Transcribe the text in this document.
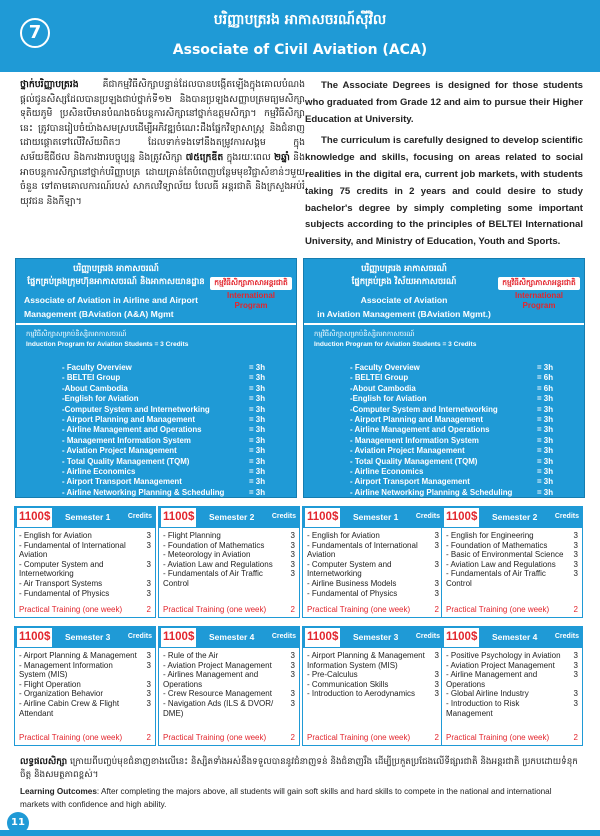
7
បរិញ្ញាបត្ររង អាកាសចរណ៍ស៊ីវិល
Associate of Civil Aviation (ACA)
ថ្នាក់បរិញ្ញាបត្ររង គឺជាកម្មវិធីសិក្សាបន្ទាន់ដែលបានបង្កើតឡើងក្នុងគោលបំណងផ្ដល់ជូនសិស្សដែលបានប្រឡងជាប់ថ្នាក់ទី១២ និងបានប្រឡងសញ្ញាបត្រមធ្យមសិក្សាទុតិយភូមិ ប្រសិនបើមានបំណងចង់បន្តការសិក្សានៅថ្នាក់ឧត្តមសិក្សា។ កម្មវិធីសិក្សានេះ ត្រូវបានរៀបចំយ៉ាងសមស្របដើម្បីអភិវឌ្ឍចំណេះដឹងផ្នែកវិទ្យាសាស្ត្រ និងជំនាញ ដោយផ្ដោតទៅលើវិស័យពិតៗ ដែលទាក់ទងទៅនឹងតម្រូវការសង្គម ក្នុងសម័យឌីជីថល និងការងារបច្ចុប្បន្ន និងត្រូវសិក្សា ៧៥ក្រេឌីត ក្នុងរយៈពេល ២ឆ្នាំ និងអាចបន្តការសិក្សានៅថ្នាក់បរិញ្ញាបត្រ ដោយគ្រាន់តែបំពេញបន្ថែមមុខវិជ្ជាសំខាន់ៗមួយចំនួន ទៅតាមគោលការណ៍របស់ សាកលវិទ្យាល័យ បែលធី អន្តរជាតិ និងក្រសួងអប់រំ យុវជន និងកីឡា។

The Associate Degrees is designed for those students who graduated from Grade 12 and aim to pursue their Higher Education at University.

The curriculum is carefully designed to develop scientific knowledge and skills, focusing on areas related to social realities in the digital era, current job markets, with students taking 75 credits in 2 years and could desire to study bachelor's degree by simply completing some important subjects according to the principles of BELTEI International University, and Ministry of Education, Youth and Sports.

បរិញ្ញាបត្ររង អាកាសចរណ៍
ផ្នែកគ្រប់គ្រងក្រុមហ៊ុនអាកាសចរណ៍ និងអាកាសយានដ្ឋាន
Associate of Aviation in Airline and Airport
Management (BAviation (A&A) Mgmt
កម្មវិធីសិក្សាភាសាអន្តរជាតិ
International
Program
កម្មវិធីសិក្សាសម្រាប់និស្សិតអាកាសចរណ៍
Induction Program for Aviation Students = 3 Credits
- Faculty Overview	= 3h
- BELTEI Group	= 3h
-About Cambodia	= 3h
-English for Aviation	= 3h
-Computer System and Internetworking	= 3h
- Airport Planning and Management	= 3h
- Airline Management and Operations	= 3h
- Management Information System	= 3h
- Aviation Project Management	= 3h
- Total Quality Management (TQM)	= 3h
- Airline Economics	= 3h
- Airport Transport Management	= 3h
- Airline Networking Planning & Scheduling	= 3h
បរិញ្ញាបត្ររង អាកាសចរណ៍
ផ្នែកគ្រប់គ្រង វិស័យអាកាសចរណ៍
Associate of Aviation
in Aviation Management (BAviation Mgmt.)
កម្មវិធីសិក្សាភាសាអន្តរជាតិ
International
Program
កម្មវិធីសិក្សាសម្រាប់និស្សិតអាកាសចរណ៍
Induction Program for Aviation Students = 3 Credits
- Faculty Overview	= 3h
- BELTEI Group	= 6h
-About Cambodia	= 6h
-English for Aviation	= 3h
-Computer System and Internetworking	= 3h
- Airport Planning and Management	= 3h
- Airline Management and Operations	= 3h
- Management Information System	= 3h
- Aviation Project Management	= 3h
- Total Quality Management (TQM)	= 3h
- Airline Economics	= 3h
- Airport Transport Management	= 3h
- Airline Networking Planning & Scheduling	= 3h
1100$ Semester 1	Credits
- English for Aviation	3
- Fundamental of International Aviation
3
- Computer System and Internetworking
3
- Air Transport Systems	3
- Fundamental of Physics	3
Practical Training (one week)	2
1100$ Semester 2	Credits
- Flight Planning	3
- Foundation of Mathematics	3
- Meteorology in Aviation	3
- Aviation Law and Regulations	3
- Fundamentals of Air Traffic Control
3
Practical Training (one week)	2
1100$ Semester 1	Credits
- English for Aviation	3
- Fundamentals of International Aviation
3
- Computer System and Internetworking
3
- Airline Business Models	3
- Fundamental of Physics	3
Practical Training (one week)	2
1100$ Semester 2	Credits
- English for Engineering	3
- Foundation of Mathematics	3
- Basic of Environmental Science	3
- Aviation Law and Regulations	3
- Fundamentals of Air Traffic Control
3
Practical Training (one week)	2
1100$ Semester 3	Credits
- Airport Planning & Management	3
- Management Information System (MIS)
3
- Flight Operation	3
- Organization Behavior	3
- Airline Cabin Crew & Flight Attendant
3
Practical Training (one week)	2
1100$ Semester 4	Credits
- Rule of the Air	3
- Aviation Project Management	3
- Airlines Management and Operations
3
- Crew Resource Management	3
- Navigation Ads (ILS & DVOR/ DME)
3
Practical Training (one week)	2
1100$ Semester 3	Credits
- Airport Planning & Management Information System (MIS)
3
- Pre-Calculus	3
- Communication Skills	3
- Introduction to Aerodynamics	3
Practical Training (one week)	2
1100$ Semester 4	Credits
- Positive Psychology in Aviation	3
- Aviation Project Management	3
- Airline Management and Operations
3
- Global Airline Industry	3
- Introduction to Risk Management
3
Practical Training (one week)	2
លទ្ធផលសិក្សា ក្រោយពីបញ្ចប់មុខជំនាញខាងលើនេះ និស្សិតទាំងអស់នឹងទទួលបាននូវជំនាញទន់ និងជំនាញរឹង ដើម្បីប្រកួតប្រជែងលើទីផ្សារជាតិ និងអន្តរជាតិ ប្រកបដោយទំនុកចិត្ត និងសមត្ថភាពខ្ពស់។
Learning Outcomes: After completing the majors above, all students will gain soft skills and hard skills to compete in the national and international markets with confidence and high ability.
11
